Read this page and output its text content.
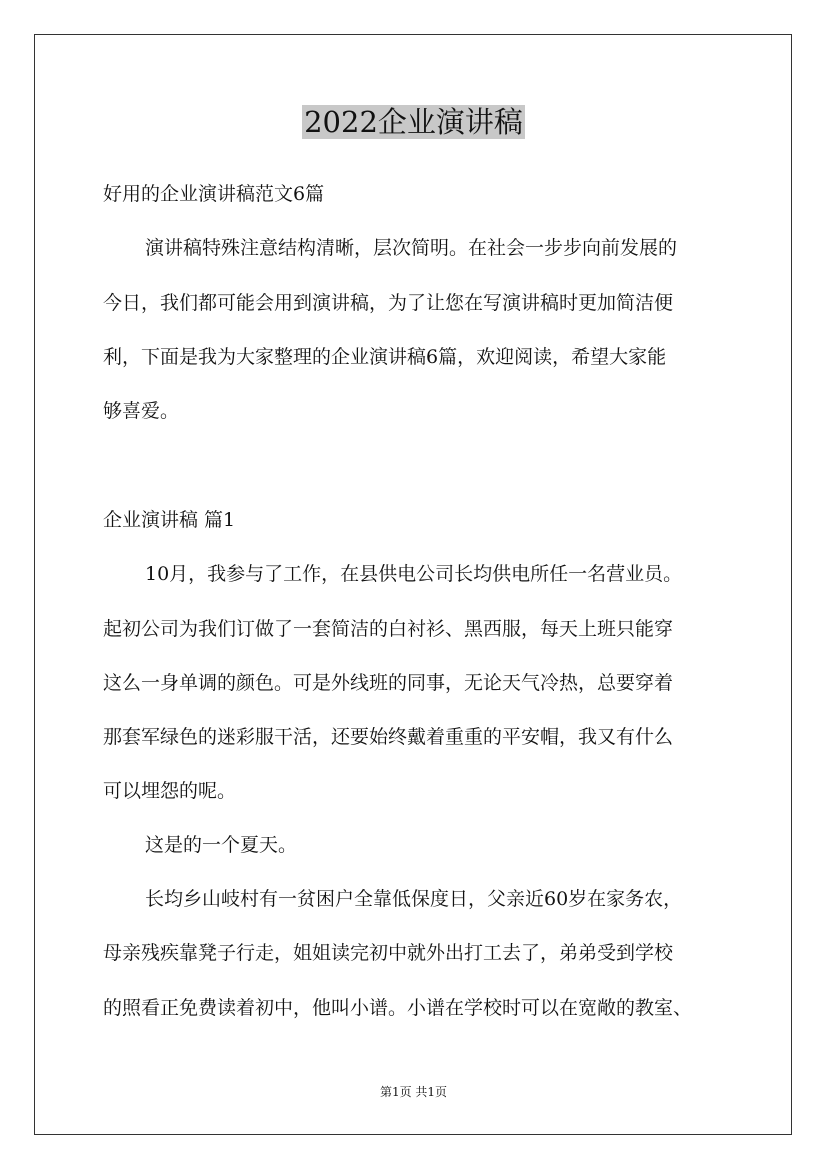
2022企业演讲稿
好用的企业演讲稿范文6篇
演讲稿特殊注意结构清晰，层次简明。在社会一步步向前发展的
今日，我们都可能会用到演讲稿，为了让您在写演讲稿时更加简洁便
利，下面是我为大家整理的企业演讲稿6篇，欢迎阅读，希望大家能
够喜爱。
企业演讲稿 篇1
10月，我参与了工作，在县供电公司长均供电所任一名营业员。
起初公司为我们订做了一套简洁的白衬衫、黑西服，每天上班只能穿
这么一身单调的颜色。可是外线班的同事，无论天气冷热，总要穿着
那套军绿色的迷彩服干活，还要始终戴着重重的平安帽，我又有什么
可以埋怨的呢。
这是的一个夏天。
长均乡山岐村有一贫困户全靠低保度日，父亲近60岁在家务农，
母亲残疾靠凳子行走，姐姐读完初中就外出打工去了，弟弟受到学校
的照看正免费读着初中，他叫小谱。小谱在学校时可以在宽敞的教室、
第1页 共1页
